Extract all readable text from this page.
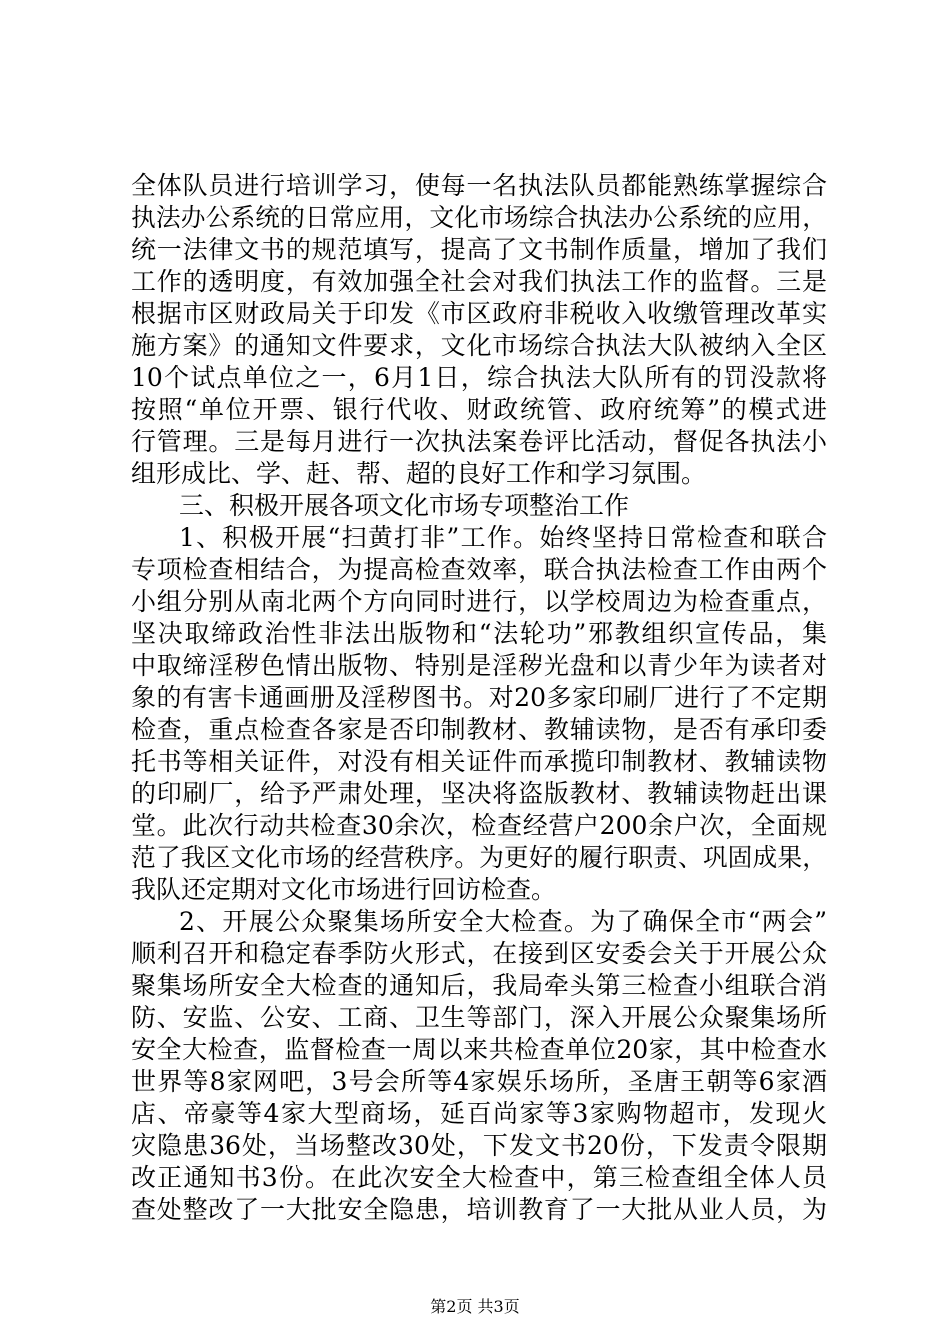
全体队员进行培训学习，使每一名执法队员都能熟练掌握综合
执法办公系统的日常应用，文化市场综合执法办公系统的应用，
统一法律文书的规范填写，提高了文书制作质量，增加了我们
工作的透明度，有效加强全社会对我们执法工作的监督。三是
根据市区财政局关于印发《市区政府非税收入收缴管理改革实
施方案》的通知文件要求，文化市场综合执法大队被纳入全区
10个试点单位之一，6月1日，综合执法大队所有的罚没款将
按照“单位开票、银行代收、财政统管、政府统筹”的模式进
行管理。三是每月进行一次执法案卷评比活动，督促各执法小
组形成比、学、赶、帮、超的良好工作和学习氛围。
三、积极开展各项文化市场专项整治工作
1、积极开展“扫黄打非”工作。始终坚持日常检查和联合
专项检查相结合，为提高检查效率，联合执法检查工作由两个
小组分别从南北两个方向同时进行，以学校周边为检查重点，
坚决取缔政治性非法出版物和“法轮功”邪教组织宣传品，集
中取缔淫秽色情出版物、特别是淫秽光盘和以青少年为读者对
象的有害卡通画册及淫秽图书。对20多家印刷厂进行了不定期
检查，重点检查各家是否印制教材、教辅读物，是否有承印委
托书等相关证件，对没有相关证件而承揽印制教材、教辅读物
的印刷厂，给予严肃处理，坚决将盗版教材、教辅读物赶出课
堂。此次行动共检查30余次，检查经营户200余户次，全面规
范了我区文化市场的经营秩序。为更好的履行职责、巩固成果，
我队还定期对文化市场进行回访检查。
2、开展公众聚集场所安全大检查。为了确保全市“两会”
顺利召开和稳定春季防火形式，在接到区安委会关于开展公众
聚集场所安全大检查的通知后，我局牵头第三检查小组联合消
防、安监、公安、工商、卫生等部门，深入开展公众聚集场所
安全大检查，监督检查一周以来共检查单位20家，其中检查水
世界等8家网吧，3号会所等4家娱乐场所，圣唐王朝等6家酒
店、帝豪等4家大型商场，延百尚家等3家购物超市，发现火
灾隐患36处，当场整改30处，下发文书20份，下发责令限期
改正通知书3份。在此次安全大检查中，第三检查组全体人员
查处整改了一大批安全隐患，培训教育了一大批从业人员，为
第2页 共3页
